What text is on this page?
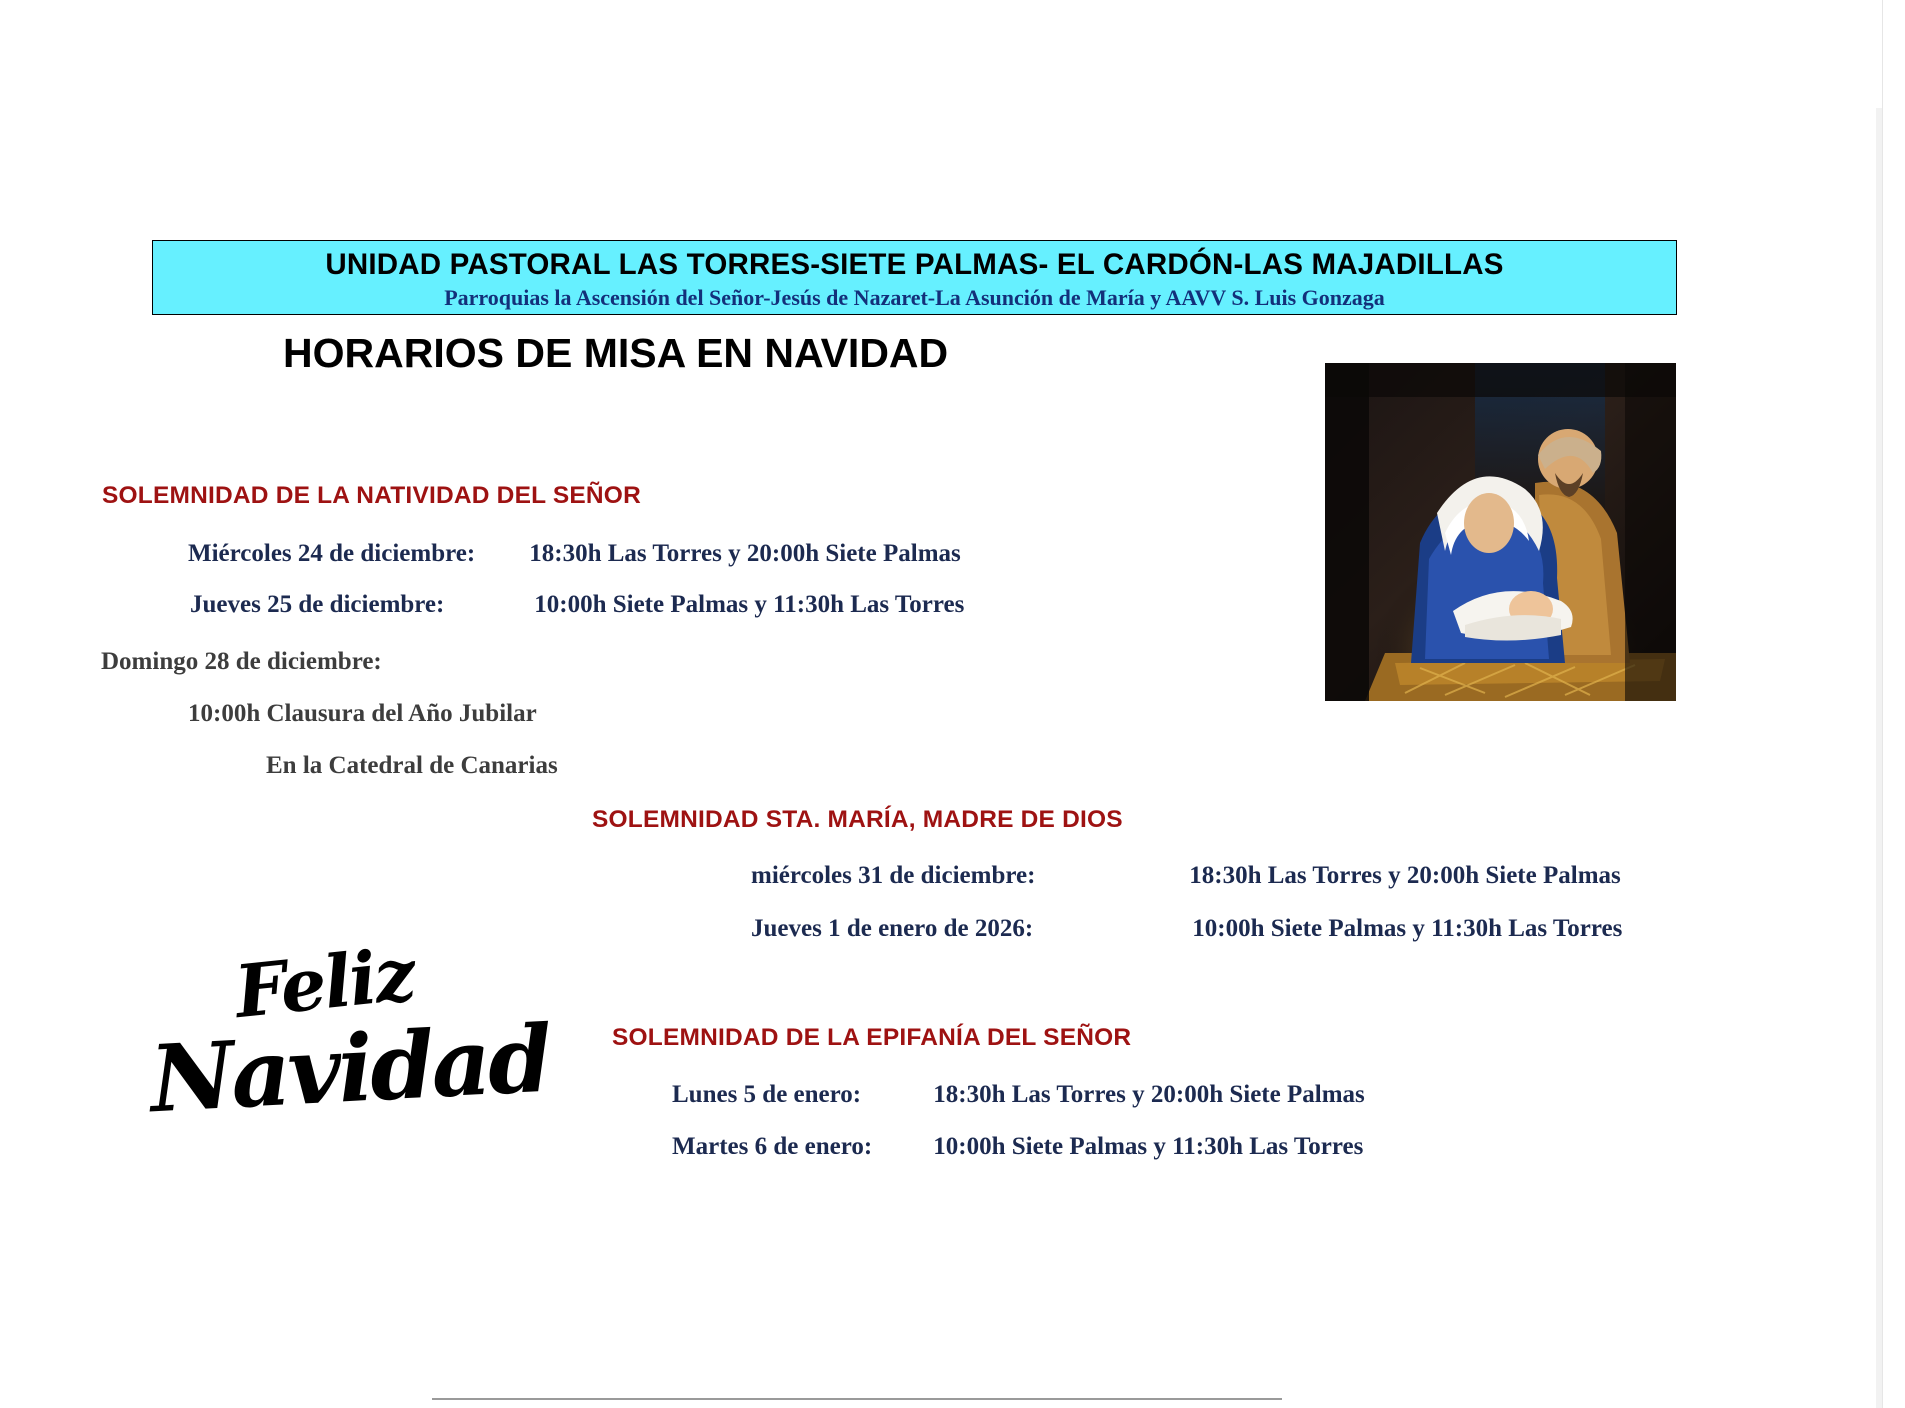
UNIDAD PASTORAL LAS TORRES-SIETE PALMAS- EL CARDÓN-LAS MAJADILLAS
Parroquias la Ascensión del Señor-Jesús de Nazaret-La Asunción de María y AAVV S. Luis Gonzaga
HORARIOS DE MISA EN NAVIDAD
SOLEMNIDAD DE LA NATIVIDAD DEL SEÑOR
Miércoles 24 de diciembre: 18:30h Las Torres y 20:00h Siete Palmas
Jueves 25 de diciembre:	10:00h Siete Palmas y 11:30h Las Torres
Domingo 28 de diciembre:
10:00h Clausura del Año Jubilar
En la Catedral de Canarias
SOLEMNIDAD STA. MARÍA, MADRE DE DIOS
miércoles 31 de diciembre:	18:30h Las Torres y 20:00h Siete Palmas
Jueves 1 de enero de 2026:	10:00h Siete Palmas y 11:30h Las Torres
SOLEMNIDAD DE LA EPIFANÍA DEL SEÑOR
Lunes 5 de enero:	18:30h Las Torres y 20:00h Siete Palmas
Martes 6 de enero: 10:00h Siete Palmas y 11:30h Las Torres
Feliz
Navidad
